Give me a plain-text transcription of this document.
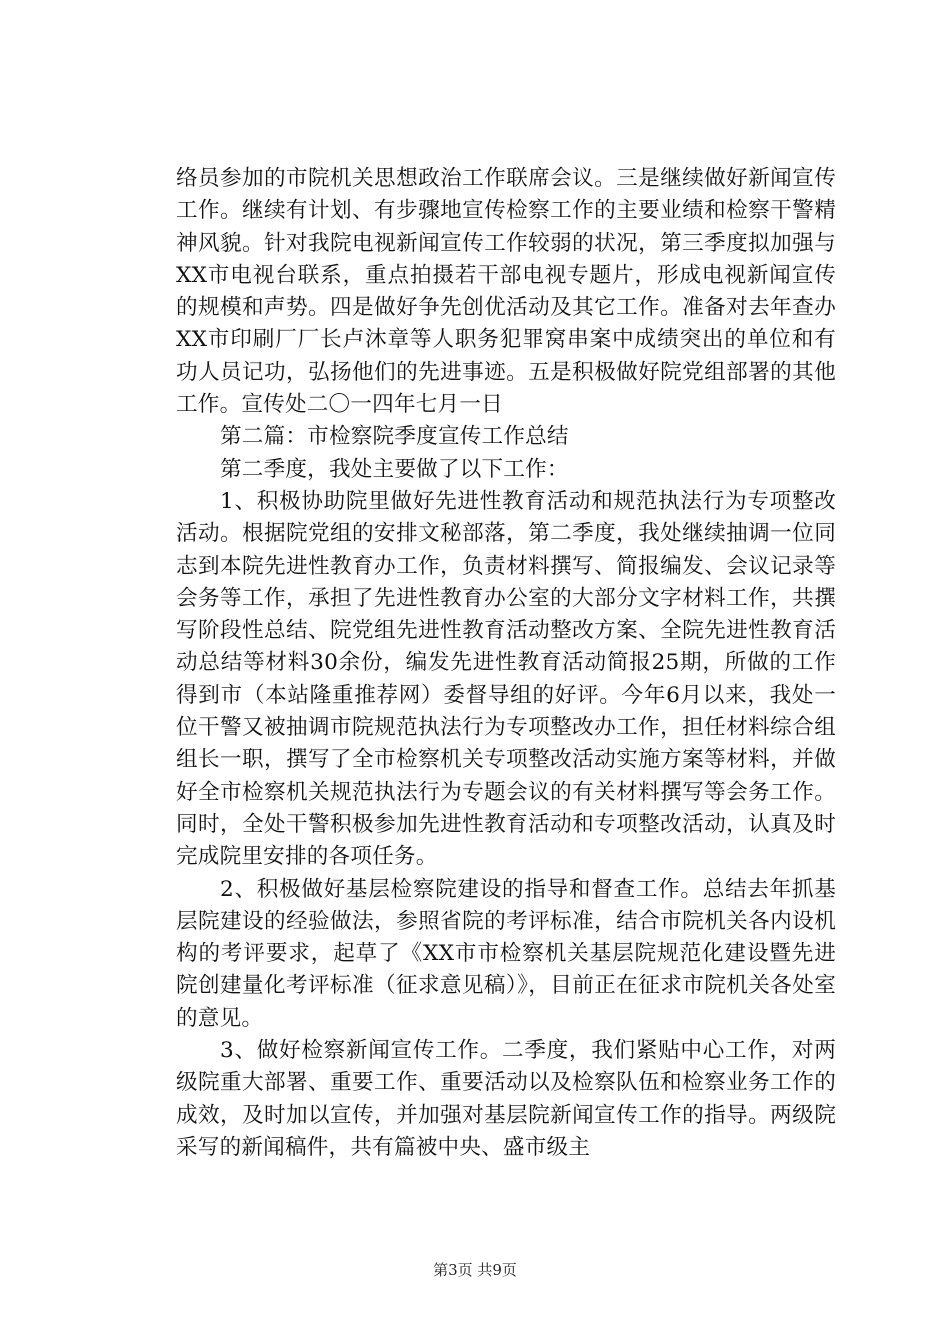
络员参加的市院机关思想政治工作联席会议。三是继续做好新闻宣传工作。继续有计划、有步骤地宣传检察工作的主要业绩和检察干警精神风貌。针对我院电视新闻宣传工作较弱的状况，第三季度拟加强与XX市电视台联系，重点拍摄若干部电视专题片，形成电视新闻宣传的规模和声势。四是做好争先创优活动及其它工作。准备对去年查办XX市印刷厂厂长卢沐章等人职务犯罪窝串案中成绩突出的单位和有功人员记功，弘扬他们的先进事迹。五是积极做好院党组部署的其他工作。宣传处二〇一四年七月一日

第二篇：市检察院季度宣传工作总结

第二季度，我处主要做了以下工作：

1、积极协助院里做好先进性教育活动和规范执法行为专项整改活动。根据院党组的安排文秘部落，第二季度，我处继续抽调一位同志到本院先进性教育办工作，负责材料撰写、简报编发、会议记录等会务等工作，承担了先进性教育办公室的大部分文字材料工作，共撰写阶段性总结、院党组先进性教育活动整改方案、全院先进性教育活动总结等材料30余份，编发先进性教育活动简报25期，所做的工作得到市（本站隆重推荐网）委督导组的好评。今年6月以来，我处一位干警又被抽调市院规范执法行为专项整改办工作，担任材料综合组组长一职，撰写了全市检察机关专项整改活动实施方案等材料，并做好全市检察机关规范执法行为专题会议的有关材料撰写等会务工作。同时，全处干警积极参加先进性教育活动和专项整改活动，认真及时完成院里安排的各项任务。

2、积极做好基层检察院建设的指导和督查工作。总结去年抓基层院建设的经验做法，参照省院的考评标准，结合市院机关各内设机构的考评要求，起草了《XX市市检察机关基层院规范化建设暨先进院创建量化考评标准（征求意见稿）》，目前正在征求市院机关各处室的意见。

3、做好检察新闻宣传工作。二季度，我们紧贴中心工作，对两级院重大部署、重要工作、重要活动以及检察队伍和检察业务工作的成效，及时加以宣传，并加强对基层院新闻宣传工作的指导。两级院采写的新闻稿件，共有篇被中央、盛市级主

第3页 共9页
